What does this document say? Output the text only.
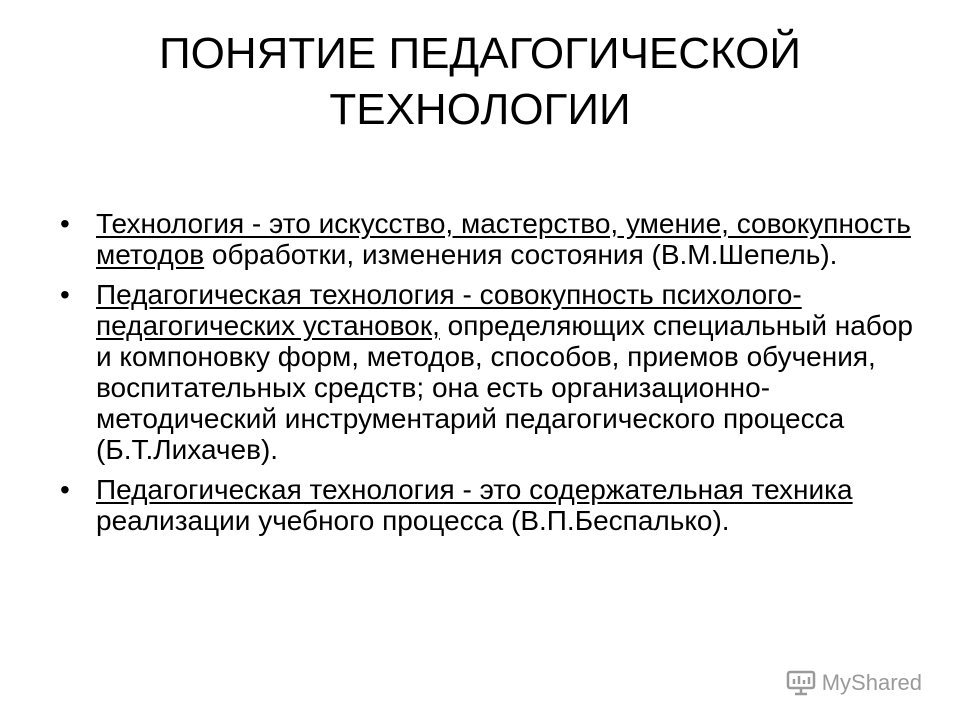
ПОНЯТИЕ ПЕДАГОГИЧЕСКОЙ
ТЕХНОЛОГИИ
• Технология - это искусство, мастерство, умение, совокупность методов обработки, изменения состояния (В.М.Шепель).
• Педагогическая технология - совокупность психолого-педагогических установок, определяющих специальный набор и компоновку форм, методов, способов, приемов обучения, воспитательных средств; она есть организационно-методический инструментарий педагогического процесса (Б.Т.Лихачев).
• Педагогическая технология - это содержательная техника реализации учебного процесса (В.П.Беспалько).
MyShared
